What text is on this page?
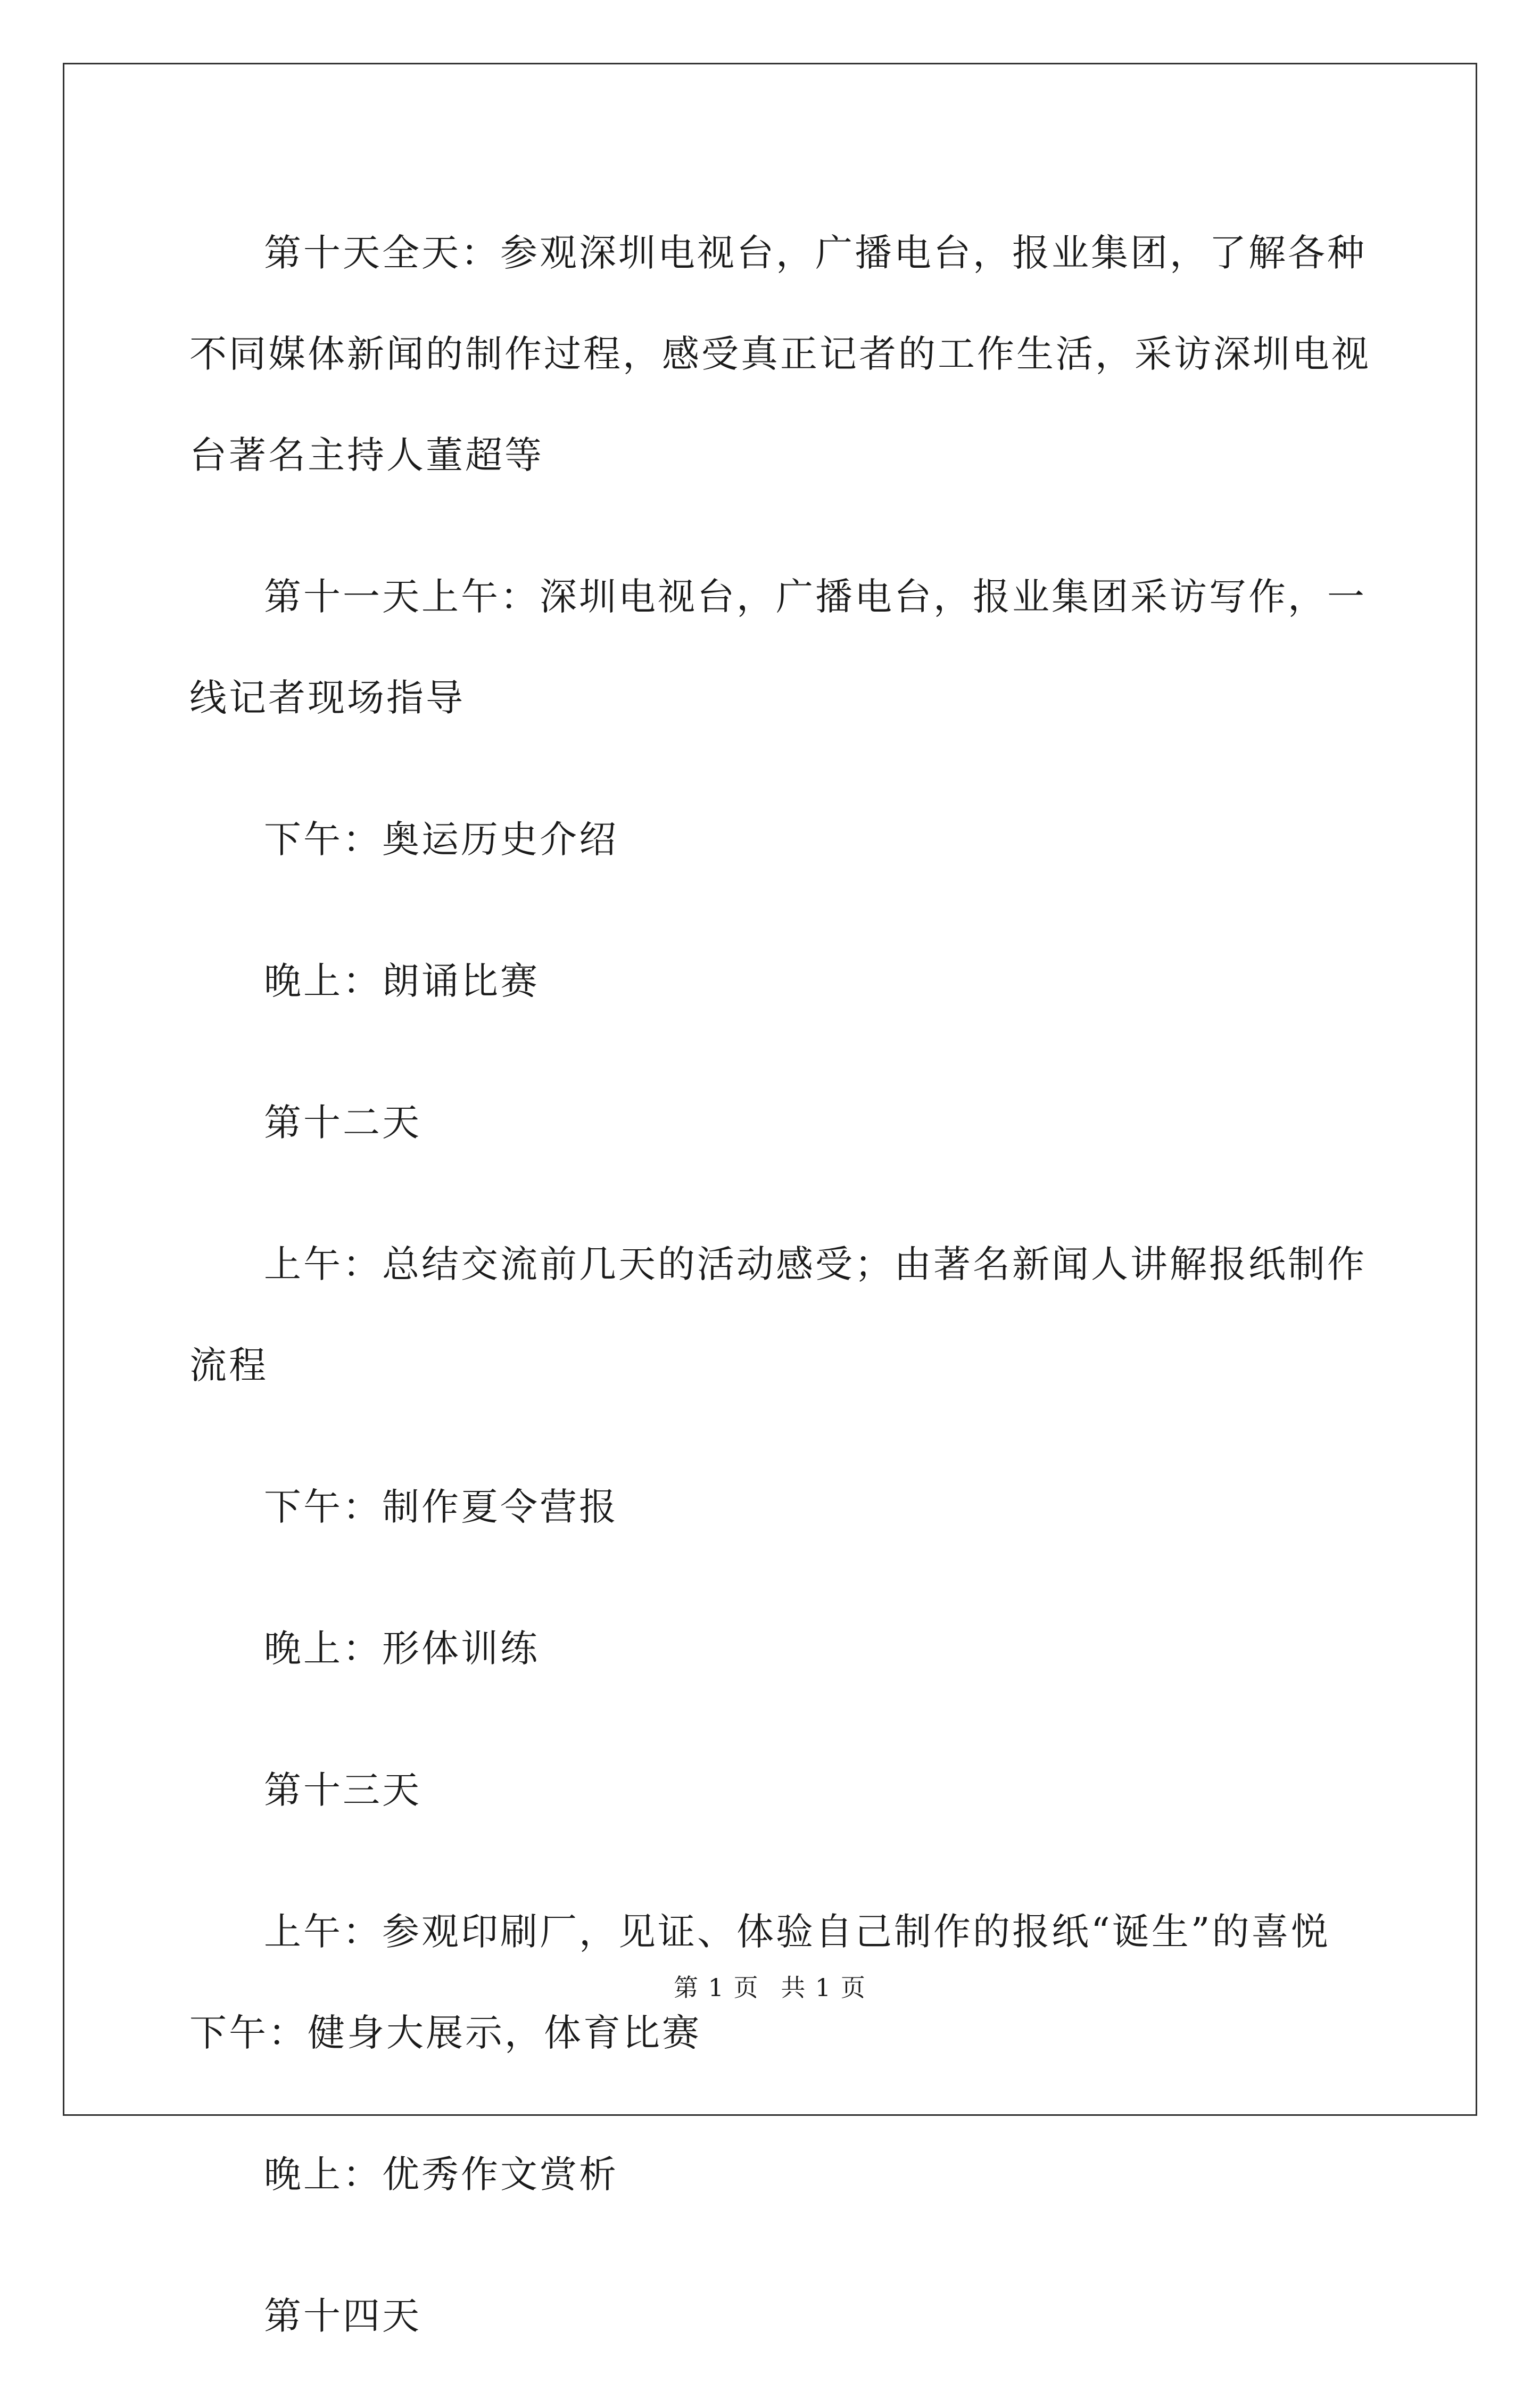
第十天全天：参观深圳电视台，广播电台，报业集团，了解各种
不同媒体新闻的制作过程，感受真正记者的工作生活，采访深圳电视
台著名主持人董超等

第十一天上午：深圳电视台，广播电台，报业集团采访写作，一
线记者现场指导

下午：奥运历史介绍

晚上：朗诵比赛

第十二天

上午：总结交流前几天的活动感受；由著名新闻人讲解报纸制作
流程

下午：制作夏令营报

晚上：形体训练

第十三天

上午：参观印刷厂，见证、体验自己制作的报纸“诞生”的喜悦
下午：健身大展示，体育比赛

晚上：优秀作文赏析

第十四天

第 1 页 共 1 页
